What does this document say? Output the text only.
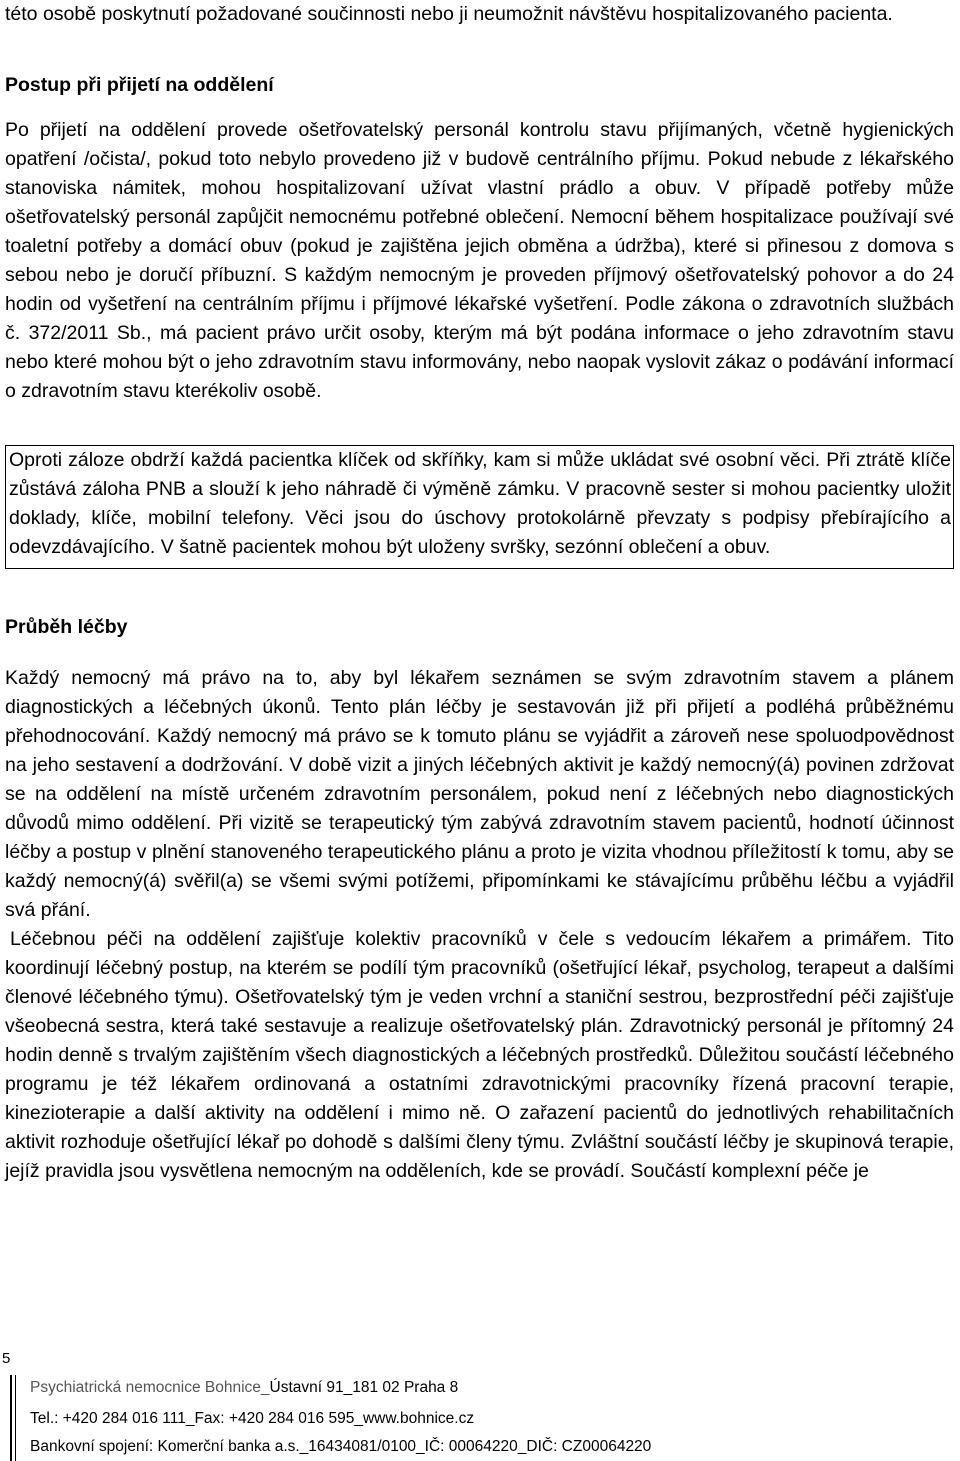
této osobě poskytnutí požadované součinnosti nebo ji neumožnit návštěvu hospitalizovaného pacienta.

Postup při přijetí na oddělení

Po přijetí na oddělení provede ošetřovatelský personál kontrolu stavu přijímaných, včetně hygienických opatření /očista/, pokud toto nebylo provedeno již v budově centrálního příjmu. Pokud nebude z lékařského stanoviska námitek, mohou hospitalizovaní užívat vlastní prádlo a obuv. V případě potřeby může ošetřovatelský personál zapůjčit nemocnému potřebné oblečení. Nemocní během hospitalizace používají své toaletní potřeby a domácí obuv (pokud je zajištěna jejich obměna a údržba), které si přinesou z domova s sebou nebo je doručí příbuzní. S každým nemocným je proveden příjmový ošetřovatelský pohovor a do 24 hodin od vyšetření na centrálním příjmu i příjmové lékařské vyšetření. Podle zákona o zdravotních službách č. 372/2011 Sb., má pacient právo určit osoby, kterým má být podána informace o jeho zdravotním stavu nebo které mohou být o jeho zdravotním stavu informovány, nebo naopak vyslovit zákaz o podávání informací o zdravotním stavu kterékoliv osobě.

Oproti záloze obdrží každá pacientka klíček od skříňky, kam si může ukládat své osobní věci. Při ztrátě klíče zůstává záloha PNB a slouží k jeho náhradě či výměně zámku. V pracovně sester si mohou pacientky uložit doklady, klíče, mobilní telefony. Věci jsou do úschovy protokolárně převzaty s podpisy přebírajícího a odevzdávajícího. V šatně pacientek mohou být uloženy svršky, sezónní oblečení a obuv.
Průběh léčby

Každý nemocný má právo na to, aby byl lékařem seznámen se svým zdravotním stavem a plánem diagnostických a léčebných úkonů. Tento plán léčby je sestavován již při přijetí a podléhá průběžnému přehodnocování. Každý nemocný má právo se k tomuto plánu se vyjádřit a zároveň nese spoluodpovědnost na jeho sestavení a dodržování. V době vizit a jiných léčebných aktivit je každý nemocný(á) povinen zdržovat se na oddělení na místě určeném zdravotním personálem, pokud není z léčebných nebo diagnostických důvodů mimo oddělení. Při vizitě se terapeutický tým zabývá zdravotním stavem pacientů, hodnotí účinnost léčby a postup v plnění stanoveného terapeutického plánu a proto je vizita vhodnou příležitostí k tomu, aby se každý nemocný(á) svěřil(a) se všemi svými potížemi, připomínkami ke stávajícímu průběhu léčbu a vyjádřil svá přání.

Léčebnou péči na oddělení zajišťuje kolektiv pracovníků v čele s vedoucím lékařem a primářem. Tito koordinují léčebný postup, na kterém se podílí tým pracovníků (ošetřující lékař, psycholog, terapeut a dalšími členové léčebného týmu). Ošetřovatelský tým je veden vrchní a staniční sestrou, bezprostřední péči zajišťuje všeobecná sestra, která také sestavuje a realizuje ošetřovatelský plán. Zdravotnický personál je přítomný 24 hodin denně s trvalým zajištěním všech diagnostických a léčebných prostředků. Důležitou součástí léčebného programu je též lékařem ordinovaná a ostatními zdravotnickými pracovníky řízená pracovní terapie, kinezioterapie a další aktivity na oddělení i mimo ně. O zařazení pacientů do jednotlivých rehabilitačních aktivit rozhoduje ošetřující lékař po dohodě s dalšími členy týmu. Zvláštní součástí léčby je skupinová terapie, jejíž pravidla jsou vysvětlena nemocným na odděleních, kde se provádí. Součástí komplexní péče je

5
Psychiatrická nemocnice Bohnice_Ústavní 91_181 02 Praha 8
Tel.: +420 284 016 111_Fax: +420 284 016 595_www.bohnice.cz
Bankovní spojení: Komerční banka a.s._16434081/0100_IČ: 00064220_DIČ: CZ00064220
